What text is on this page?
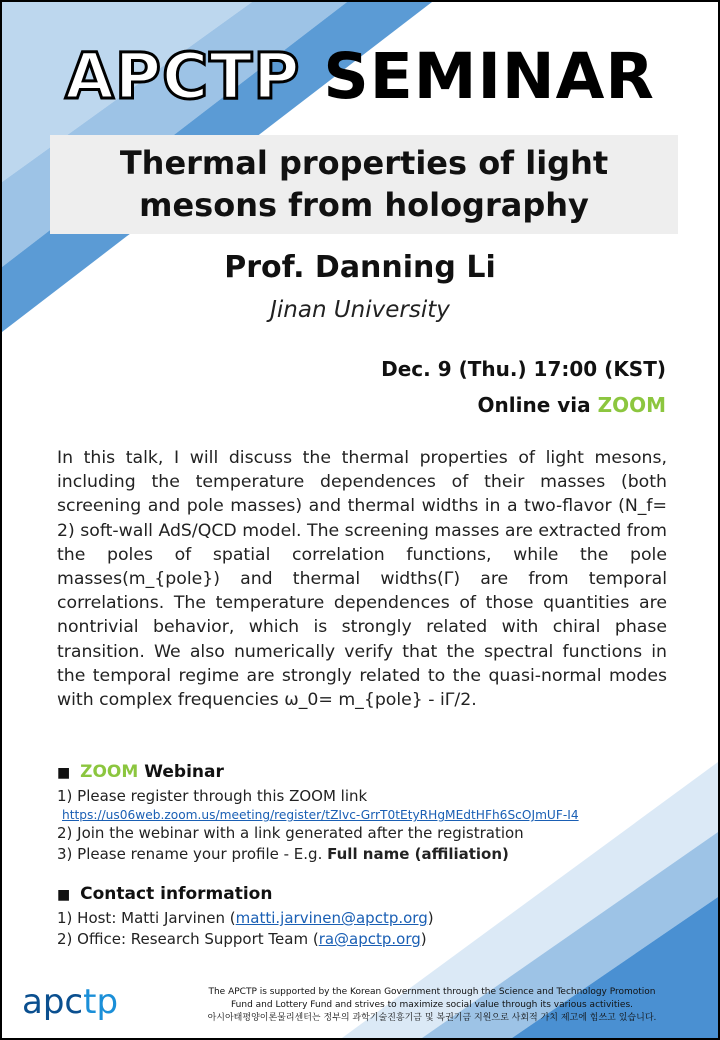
APCTP SEMINAR
Thermal properties of light
mesons from holography
Prof. Danning Li
Jinan University
Dec. 9 (Thu.) 17:00 (KST)
Online via ZOOM
In this talk, I will discuss the thermal properties of light mesons, including the temperature dependences of their masses (both screening and pole masses) and thermal widths in a two-flavor (N_f= 2) soft-wall AdS/QCD model. The screening masses are extracted from the poles of spatial correlation functions, while the pole masses(m_{pole}) and thermal widths(Γ) are from temporal correlations. The temperature dependences of those quantities are nontrivial behavior, which is strongly related with chiral phase transition. We also numerically verify that the spectral functions in the temporal regime are strongly related to the quasi-normal modes with complex frequencies ω_0= m_{pole} - iΓ/2.
■ ZOOM Webinar
1) Please register through this ZOOM link
https://us06web.zoom.us/meeting/register/tZIvc-GrrT0tEtyRHgMEdtHFh6ScOJmUF-I4
2) Join the webinar with a link generated after the registration
3) Please rename your profile - E.g. Full name (affiliation)
■ Contact information
1) Host: Matti Jarvinen (matti.jarvinen@apctp.org)
2) Office: Research Support Team (ra@apctp.org)
apctp	The APCTP is supported by the Korean Government through the Science and Technology Promotion
Fund and Lottery Fund and strives to maximize social value through its various activities.
아시아태평양이론물리센터는 정부의 과학기술진흥기금 및 복권기금 지원으로 사회적 가치 제고에 힘쓰고 있습니다.
